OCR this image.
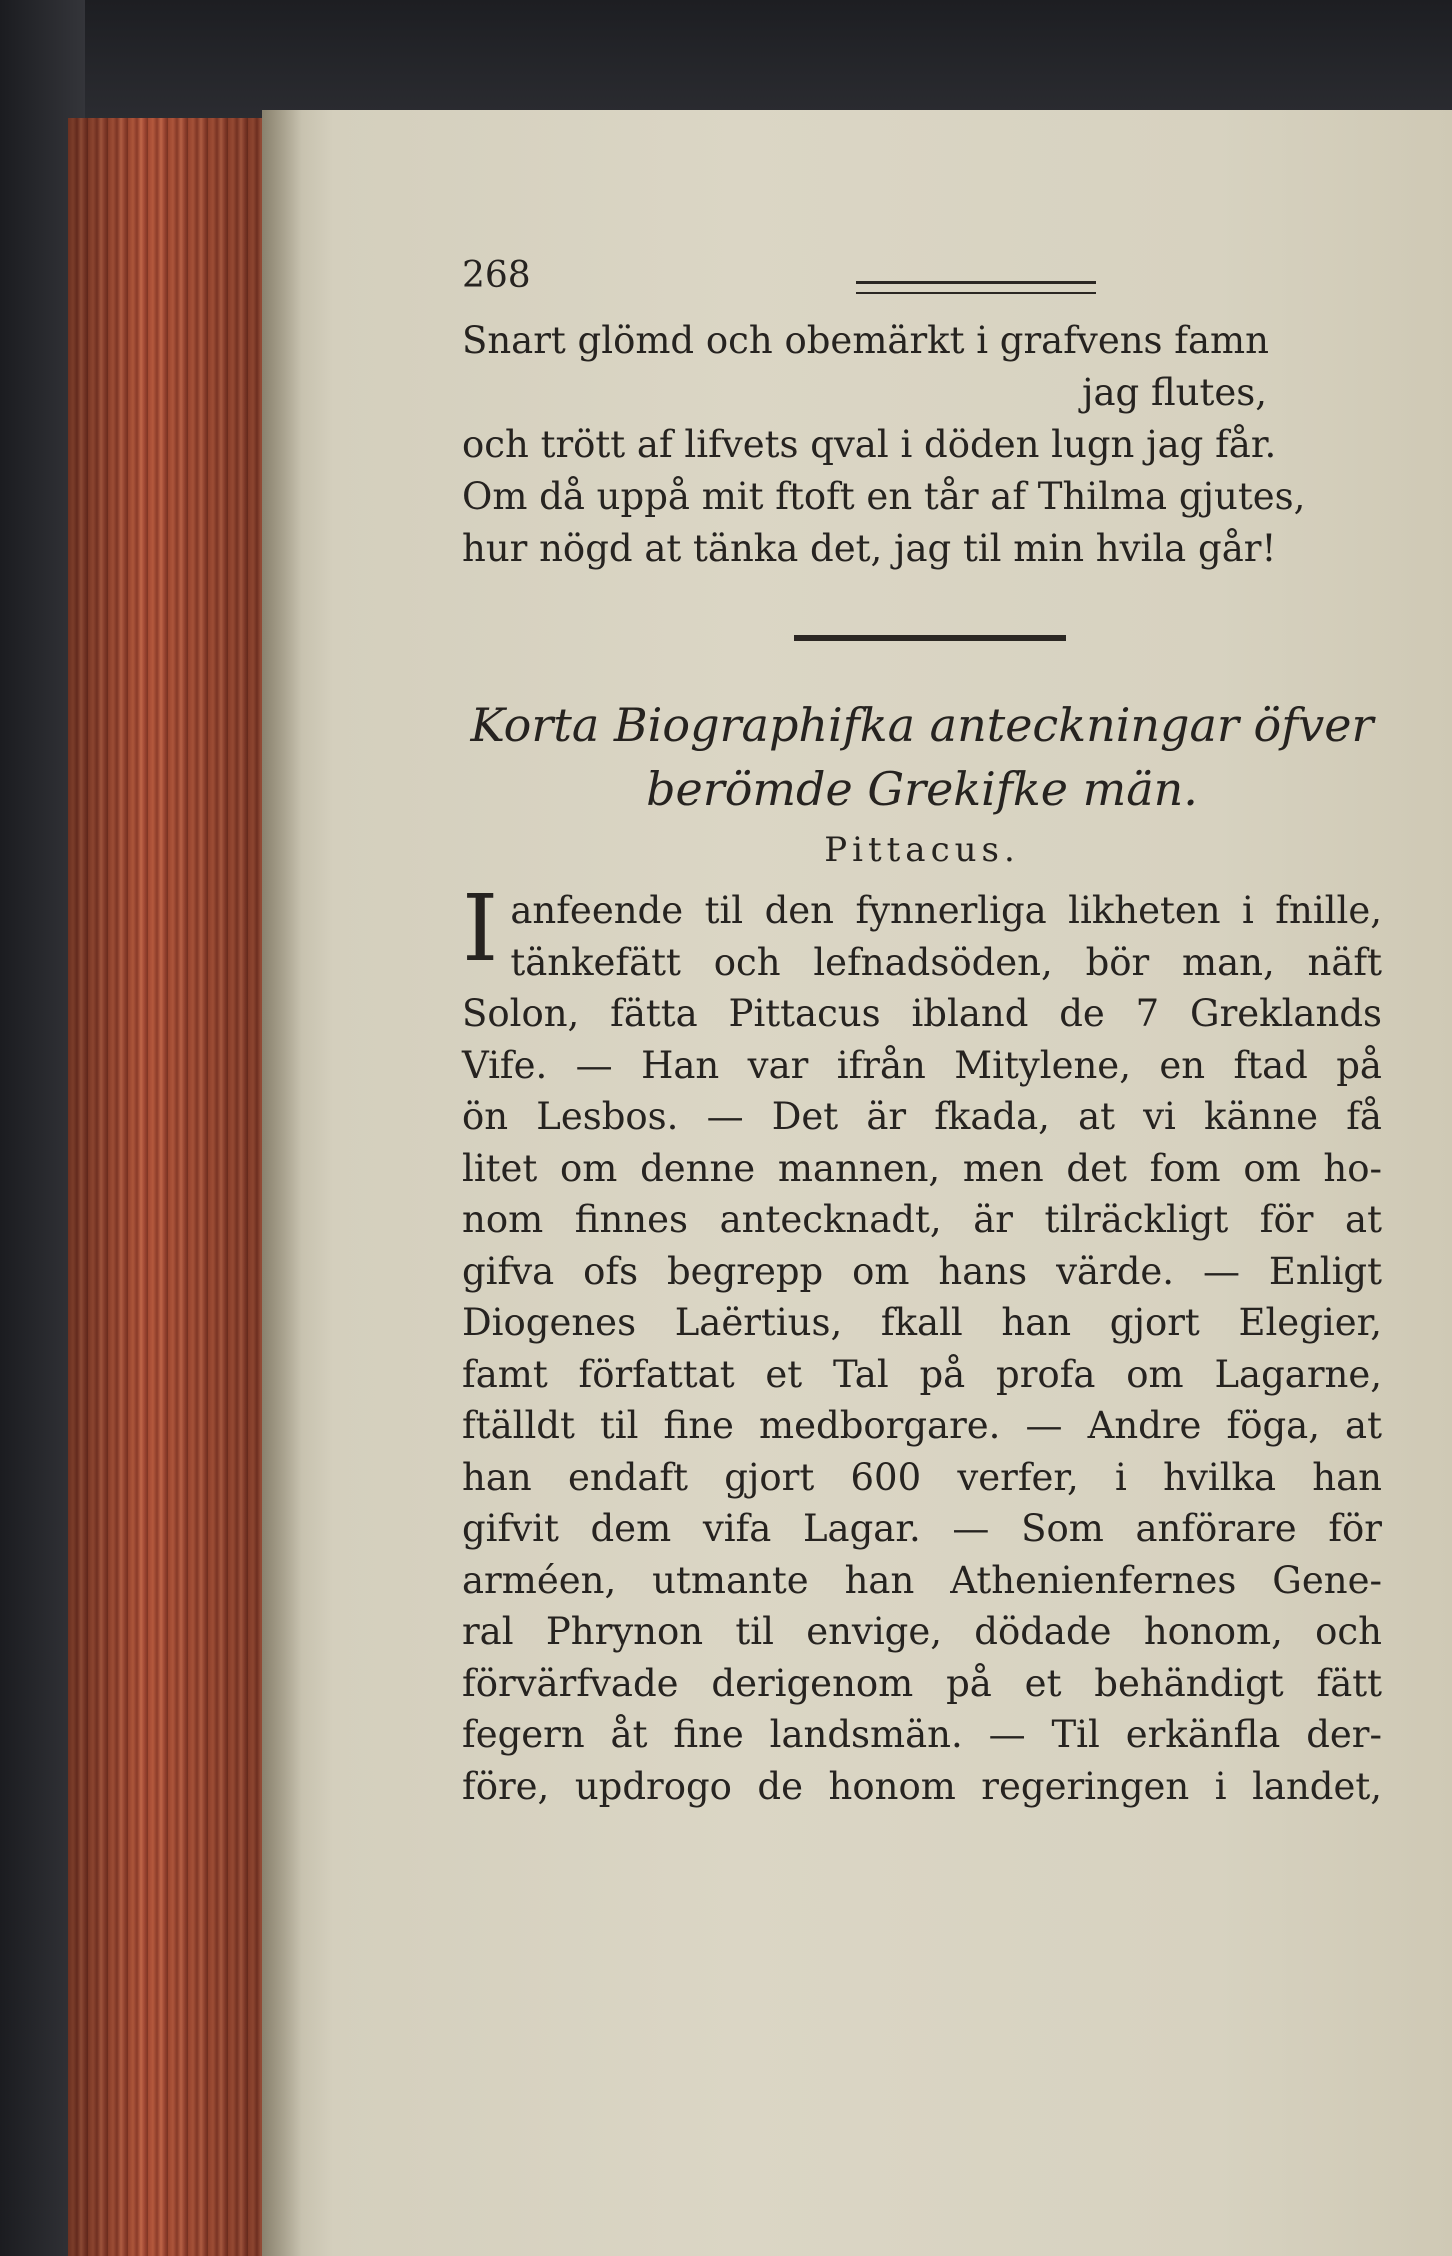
268
Snart glömd och obemärkt i grafvens famn
jag flutes,
och trött af lifvets qval i döden lugn jag får.
Om då uppå mit ftoft en tår af Thilma gjutes,
hur nögd at tänka det, jag til min hvila går!
Korta Biographifka anteckningar öfver
berömde Grekifke män.
Pittacus.
I anfeende til den fynnerliga likheten i fnille,
tänkefätt och lefnadsöden, bör man, näft
Solon, fätta Pittacus ibland de 7 Greklands
Vife. — Han var ifrån Mitylene, en ftad på
ön Lesbos. — Det är fkada, at vi känne få
litet om denne mannen, men det fom om ho-
nom finnes antecknadt, är tilräckligt för at
gifva ofs begrepp om hans värde. — Enligt
Diogenes Laërtius, fkall han gjort Elegier,
famt författat et Tal på profa om Lagarne,
ftälldt til fine medborgare. — Andre föga, at
han endaft gjort 600 verfer, i hvilka han
gifvit dem vifa Lagar. — Som anförare för
arméen, utmante han Athenienfernes Gene-
ral Phrynon til envige, dödade honom, och
förvärfvade derigenom på et behändigt fätt
fegern åt fine landsmän. — Til erkänfla der-
före, updrogo de honom regeringen i landet,
